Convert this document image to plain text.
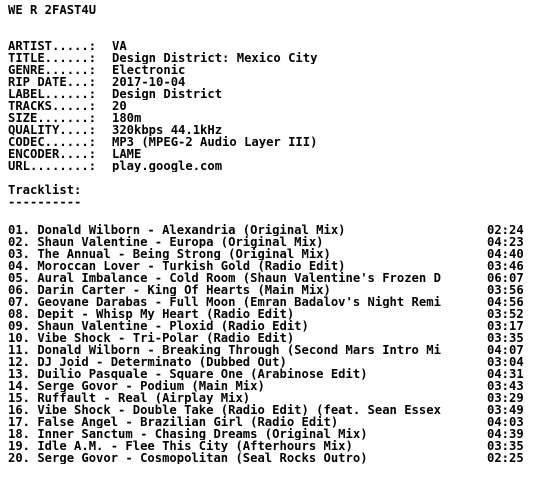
WE R 2FAST4U
ARTIST.....:	VA
TITLE......:	Design District: Mexico City
GENRE......:	Electronic
RIP DATE...:	2017-10-04
LABEL......:	Design District
TRACKS.....:	20
SIZE.......:	180m
QUALITY....:	320kbps 44.1kHz
CODEC......:	MP3 (MPEG-2 Audio Layer III)
ENCODER....:	LAME
URL........:	play.google.com
Tracklist:
----------
01. Donald Wilborn - Alexandria (Original Mix)	02:24
02. Shaun Valentine - Europa (Original Mix)	04:23
03. The Annual - Being Strong (Original Mix)	04:40
04. Moroccan Lover - Turkish Gold (Radio Edit)	03:46
05. Aural Imbalance - Cold Room (Shaun Valentine's Frozen D	06:07
06. Darin Carter - King Of Hearts (Main Mix)	03:56
07. Geovane Darabas - Full Moon (Emran Badalov's Night Remi	04:56
08. Depit - Whisp My Heart (Radio Edit)	03:52
09. Shaun Valentine - Ploxid (Radio Edit)	03:17
10. Vibe Shock - Tri-Polar (Radio Edit)	03:35
11. Donald Wilborn - Breaking Through (Second Mars Intro Mi	04:07
12. DJ Joid - Determinato (Dubbed Out)	03:04
13. Duilio Pasquale - Square One (Arabinose Edit)	04:31
14. Serge Govor - Podium (Main Mix)	03:43
15. Ruffault - Real (Airplay Mix)	03:29
16. Vibe Shock - Double Take (Radio Edit) (feat. Sean Essex	03:49
17. False Angel - Brazilian Girl (Radio Edit)	04:03
18. Inner Sanctum - Chasing Dreams (Original Mix)	04:39
19. Idle A.M. - Flee This City (Afterhours Mix)	03:35
20. Serge Govor - Cosmopolitan (Seal Rocks Outro)	02:25
